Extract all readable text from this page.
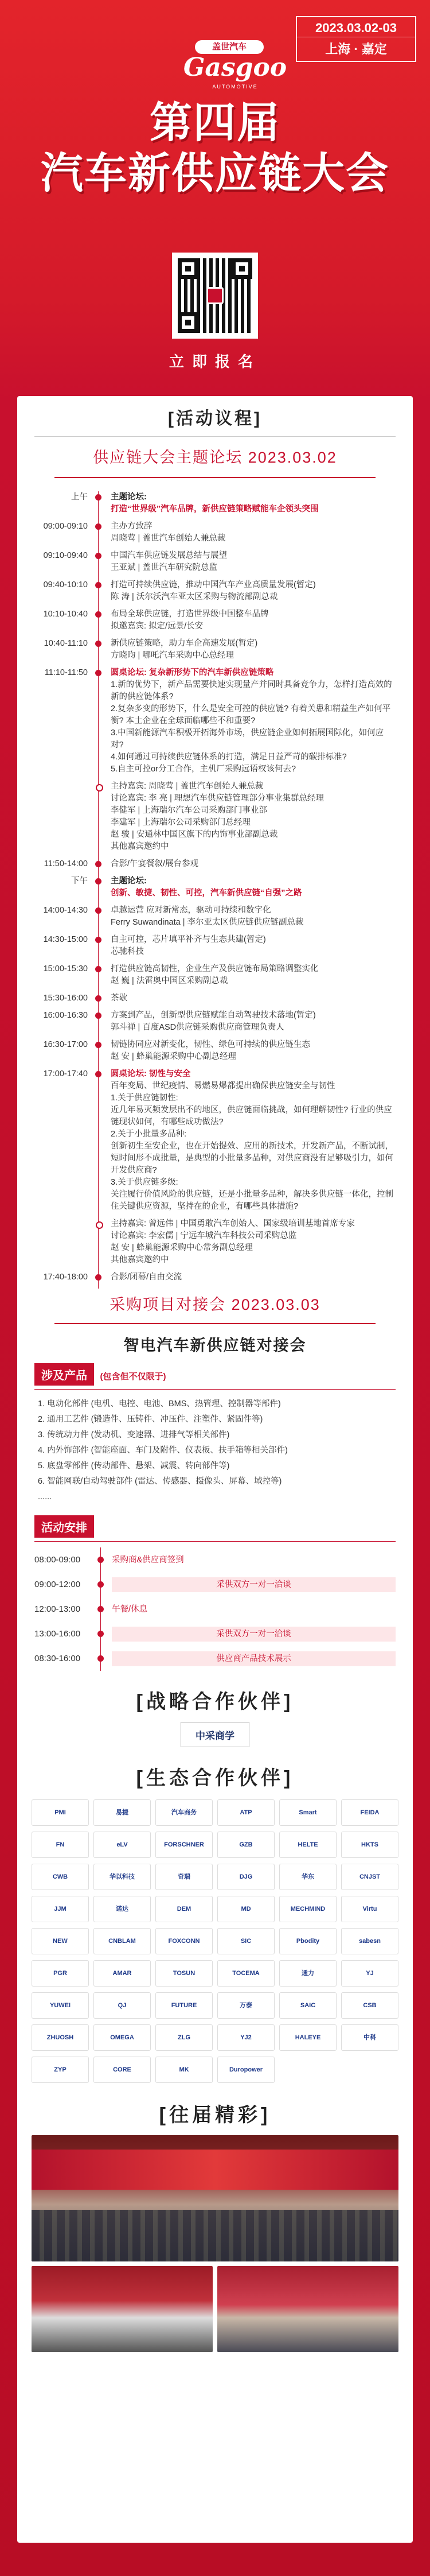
2023.03.02-03
上海 · 嘉定
盖世汽车
Gasgoo
AUTOMOTIVE
第四届
汽车新供应链大会
立即报名
[活动议程]
供应链大会主题论坛 2023.03.02
上午	主题论坛:
打造“世界级”汽车品牌，新供应链策略赋能车企领头突围
09:00-09:10	主办方致辞
周晓莺 | 盖世汽车创始人兼总裁
09:10-09:40	中国汽车供应链发展总结与展望
王亚斌 | 盖世汽车研究院总监
09:40-10:10	打造可持续供应链，推动中国汽车产业高质量发展(暂定)
陈 涛 | 沃尔沃汽车亚太区采购与物流部副总裁
10:10-10:40	布局全球供应链，打造世界级中国整车品牌
拟邀嘉宾: 拟定/远景/长安
10:40-11:10	新供应链策略，助力车企高速发展(暂定)
方晓昀 | 哪吒汽车采购中心总经理
11:10-11:50	圆桌论坛: 复杂新形势下的汽车新供应链策略
1.新的优势下，新产品需要快速实现量产并同时具备竞争力，怎样打造高效的新的供应链体系?
2.复杂多变的形势下，什么是安全可控的供应链? 有着关患和精益生产如何平衡? 本土企业在全球面临哪些不和重要?
3.中国新能源汽车积极开拓海外市场，供应链企业如何拓展国际化，如何应对?
4.如何通过可持续供应链体系的打造，满足日益严苛的碳排标准?
5.自主可控or分工合作，主机厂采购远语权该何去?
主持嘉宾: 周晓莺 | 盖世汽车创始人兼总裁
讨论嘉宾: 李 亮 | 理想汽车供应链管理部分事业集群总经理
李健军 | 上海瑞尔汽车公司采购部门事业部
李建军 | 上海瑞尔公司采购部门总经理
赵 骏 | 安通林中国区旗下的内饰事业部副总裁
其他嘉宾邀约中
11:50-14:00	合影/午宴餐叙/展台参观
下午	主题论坛:
创新、敏捷、韧性、可控，汽车新供应链“自强”之路
14:00-14:30	卓越运营 应对新常态，驱动可持续和数字化
Ferry Suwandinata | 李尔亚太区供应链供应链副总裁
14:30-15:00	自主可控，芯片填平补齐与生态共建(暂定)
芯驰科技
15:00-15:30	打造供应链高韧性，企业生产及供应链布局策略调整实化
赵 巍 | 法雷奥中国区采购副总裁
15:30-16:00	茶歇
16:00-16:30	方案到产品，创新型供应链赋能自动驾驶技术落地(暂定)
郭斗禅 | 百度ASD供应链采购供应商管理负责人
16:30-17:00	韧链协同应对新变化，韧性、绿色可持续的供应链生态
赵 安 | 蜂巢能源采购中心副总经理
17:00-17:40	圆桌论坛: 韧性与安全
百年变局、世纪疫情、易燃易爆都提出确保供应链安全与韧性
1.关于供应链韧性:
近几年易灭频发层出不的地区，供应链面临挑战，如何理解韧性? 行业的供应链现状如何，有哪些成功做法?
2.关于小批量多品种:
创新初生至安企业，也在开始提效、应用的新技术，开发新产品，不断试制，短时间形不成批量，是典型的小批量多品种，对供应商没有足够吸引力，如何开发供应商?
3.关于供应链多级:
关注履行价值风险的供应链，还是小批量多品种，解决多供应链一体化，控制住关键供应资源，坚持在的企业，有哪些具体措施?
主持嘉宾: 曾远伟 | 中国勇敢汽车创始人、国家级培训基地首席专家
讨论嘉宾: 李宏儒 | 宁远车城汽车科技公司采购总监
赵 安 | 蜂巢能源采购中心常务副总经理
其他嘉宾邀约中
17:40-18:00	合影/闭幕/自由交流
采购项目对接会 2023.03.03
智电汽车新供应链对接会
涉及产品 (包含但不仅限于)
1. 电动化部件 (电机、电控、电池、BMS、热管理、控制器等部件)
2. 通用工艺件 (锻造件、压铸件、冲压件、注塑件、紧固件等)
3. 传统动力件 (发动机、变速器、进排气等相关部件)
4. 内外饰部件 (智能座面、车门及附件、仪表板、扶手箱等相关部件)
5. 底盘零部件 (传动部件、悬架、减震、转向部件等)
6. 智能网联/自动驾驶部件 (雷达、传感器、摄像头、屏幕、域控等)
......
活动安排
08:00-09:00	采购商&供应商签到
09:00-12:00	采供双方一对一洽谈
12:00-13:00	午餐/休息
13:00-16:00	采供双方一对一洽谈
08:30-16:00	供应商产品技术展示
[战略合作伙伴]
中采商学
[生态合作伙伴]
PMI	易捷	汽车商务	ATP	Smart	FEIDA
FN	eLV	FORSCHNER	GZB	HELTE	HKTS
CWB	华以科技	奇瑞	DJG	华东	CNJST
JJM	诺达	DEM	MD	MECHMIND	Virtu
NEW	CNBLAM	FOXCONN	SIC	Pbodity	sabesn
PGR	AMAR	TOSUN	TOCEMA	通力	YJ
YUWEI	QJ	FUTURE	万泰	SAIC	CSB
ZHUOSH	OMEGA	ZLG	YJ2	HALEYE	中科
ZYP	CORE	MK	Duropower
[往届精彩]
